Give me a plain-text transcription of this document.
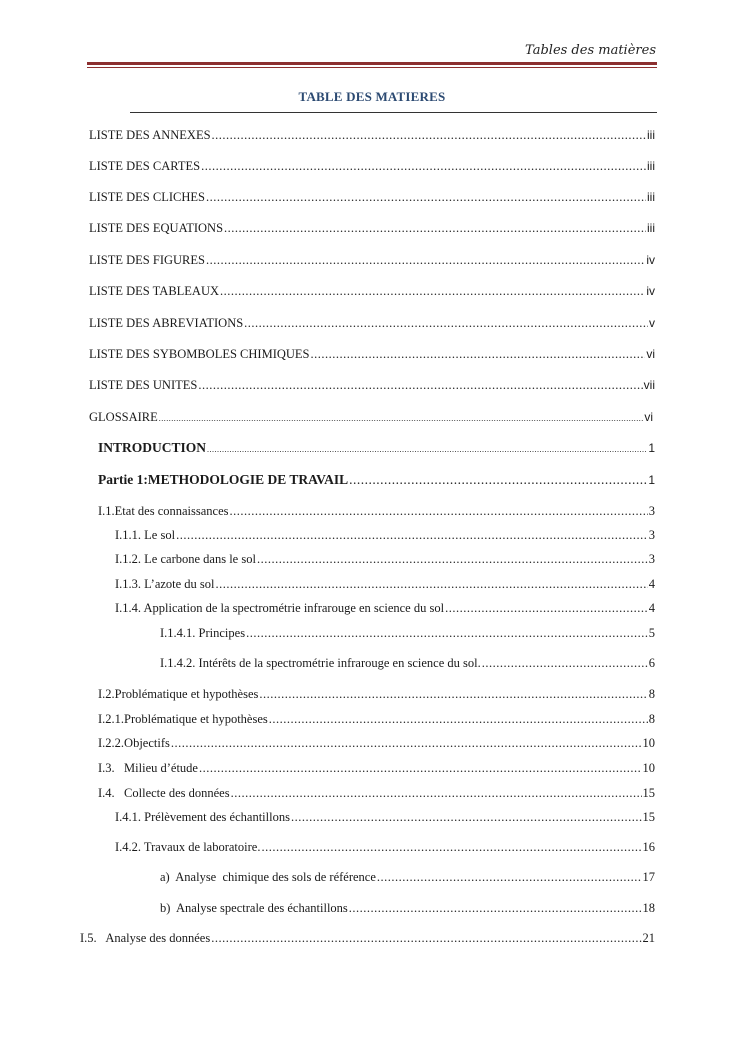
Tables des matières
TABLE DES MATIERES
LISTE DES ANNEXES .....	iii
LISTE DES CARTES .....	iii
LISTE DES CLICHES .....	iii
LISTE DES EQUATIONS .....	iii
LISTE DES FIGURES .....	iv
LISTE DES TABLEAUX .....	iv
LISTE DES ABREVIATIONS .....	v
LISTE DES SYBOMBOLES CHIMIQUES .....	vi
LISTE DES UNITES .....	vii
GLOSSAIRE .....	vi
INTRODUCTION .....	1
Partie 1:METHODOLOGIE DE TRAVAIL .....	1
I.1.Etat des connaissances .....	3
I.1.1. Le sol .....	3
I.1.2. Le carbone dans le sol .....	3
I.1.3. L’azote du sol .....	4
I.1.4. Application de la spectrométrie infrarouge en science du sol .....	4
I.1.4.1. Principes .....	5
I.1.4.2. Intérêts de la spectrométrie infrarouge en science du sol. .....	6
I.2.Problématique et hypothèses .....	8
I.2.1.Problématique et hypothèses .....	8
I.2.2.Objectifs .....	10
I.3.   Milieu d’étude .....	10
I.4.   Collecte des données .....	15
I.4.1. Prélèvement des échantillons .....	15
I.4.2. Travaux de laboratoire. .....	16
a)  Analyse  chimique des sols de référence .....	17
b)  Analyse spectrale des échantillons .....	18
I.5.   Analyse des données .....	21
